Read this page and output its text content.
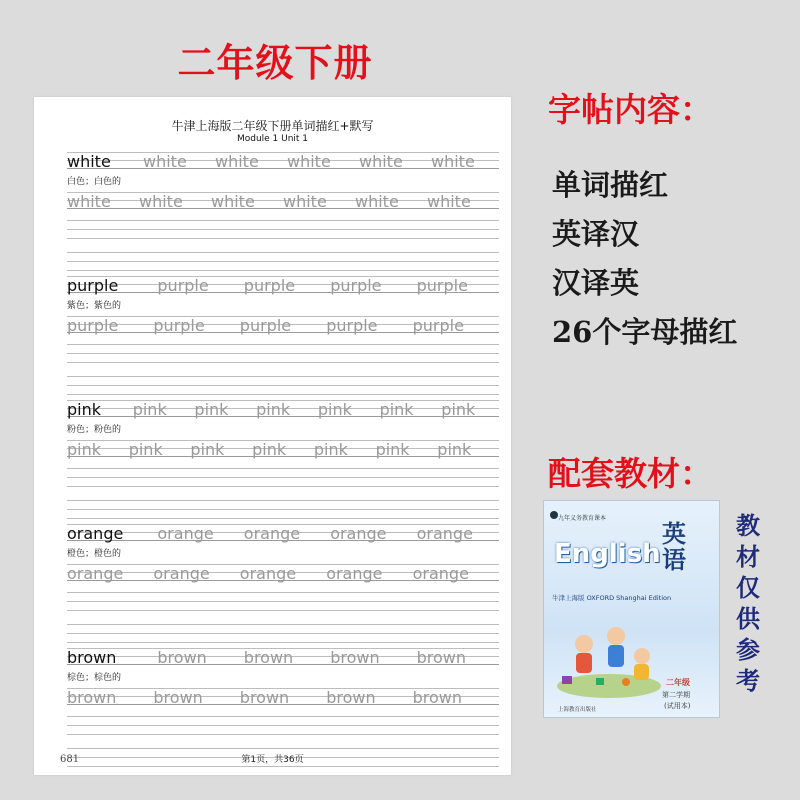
二年级下册
牛津上海版二年级下册单词描红+默写
Module 1 Unit 1
white white white white white white
白色；白色的
white white white white white white
purple purple purple purple purple
紫色；紫色的
purple purple purple purple purple
pink pink pink pink pink pink pink
粉色；粉色的
pink pink pink pink pink pink pink
orange orange orange orange orange
橙色；橙色的
orange orange orange orange orange
brown	brown brown brown brown
棕色；棕色的
brown brown brown brown brown
681	第1页，共36页
字帖内容：
单词描红
英译汉
汉译英
26个字母描红
配套教材：
九年义务教育课本
English
英语
牛津上海版 OXFORD Shanghai Edition
二年级
第二学期
(试用本)
上海教育出版社
教材仅供参考
